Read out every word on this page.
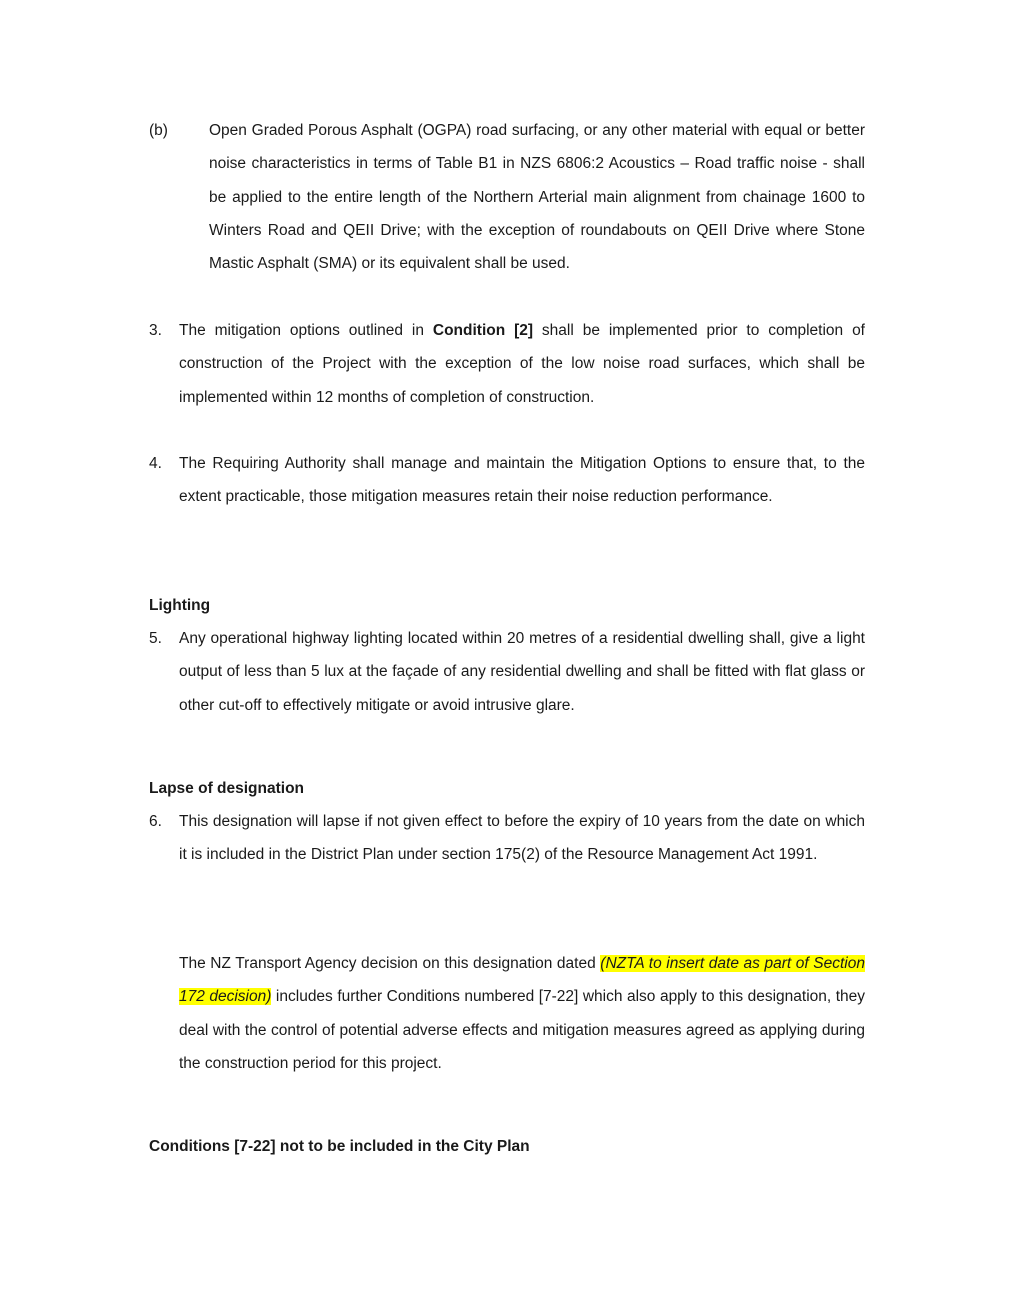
(b)	Open Graded Porous Asphalt (OGPA) road surfacing, or any other material with equal or better noise characteristics in terms of Table B1 in NZS 6806:2 Acoustics – Road traffic noise - shall be applied to the entire length of the Northern Arterial main alignment from chainage 1600 to Winters Road and QEII Drive; with the exception of roundabouts on QEII Drive where Stone Mastic Asphalt (SMA) or its equivalent shall be used.
3.	The mitigation options outlined in Condition [2] shall be implemented prior to completion of construction of the Project with the exception of the low noise road surfaces, which shall be implemented within 12 months of completion of construction.
4.	The Requiring Authority shall manage and maintain the Mitigation Options to ensure that, to the extent practicable, those mitigation measures retain their noise reduction performance.
Lighting
5.	Any operational highway lighting located within 20 metres of a residential dwelling shall, give a light output of less than 5 lux at the façade of any residential dwelling and shall be fitted with flat glass or other cut-off to effectively mitigate or avoid intrusive glare.
Lapse of designation
6.	This designation will lapse if not given effect to before the expiry of 10 years from the date on which it is included in the District Plan under section 175(2) of the Resource Management Act 1991.
The NZ Transport Agency decision on this designation dated (NZTA to insert date as part of Section 172 decision) includes further Conditions numbered [7-22] which also apply to this designation, they deal with the control of potential adverse effects and mitigation measures agreed as applying during the construction period for this project.
Conditions [7-22] not to be included in the City Plan
